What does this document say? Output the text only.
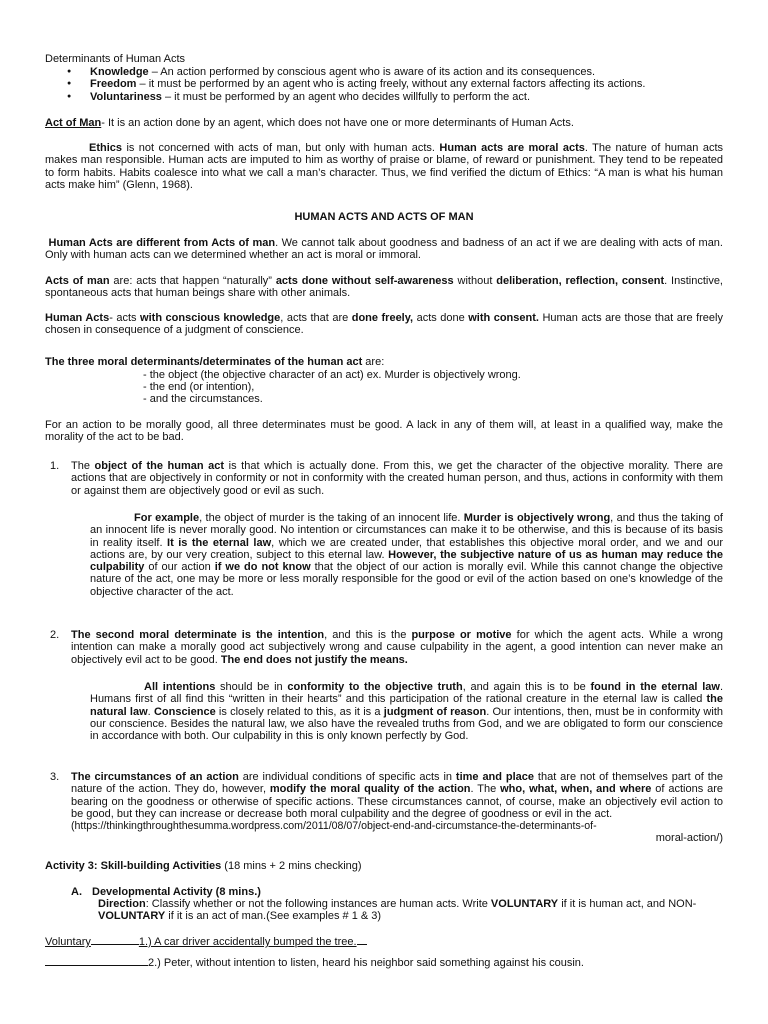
Determinants of Human Acts

● Knowledge – An action performed by conscious agent who is aware of its action and its consequences.
● Freedom – it must be performed by an agent who is acting freely, without any external factors affecting its actions.
● Voluntariness – it must be performed by an agent who decides willfully to perform the act.

Act of Man- It is an action done by an agent, which does not have one or more determinants of Human Acts.

Ethics is not concerned with acts of man, but only with human acts. Human acts are moral acts. The nature of human acts makes man responsible. Human acts are imputed to him as worthy of praise or blame, of reward or punishment. They tend to be repeated to form habits. Habits coalesce into what we call a man’s character. Thus, we find verified the dictum of Ethics: “A man is what his human acts make him” (Glenn, 1968).

HUMAN ACTS AND ACTS OF MAN

Human Acts are different from Acts of man. We cannot talk about goodness and badness of an act if we are dealing with acts of man. Only with human acts can we determined whether an act is moral or immoral.

Acts of man are: acts that happen “naturally” acts done without self-awareness without deliberation, reflection, consent. Instinctive, spontaneous acts that human beings share with other animals.

Human Acts- acts with conscious knowledge, acts that are done freely, acts done with consent. Human acts are those that are freely chosen in consequence of a judgment of conscience.

The three moral determinants/determinates of the human act are:

- the object (the objective character of an act) ex. Murder is objectively wrong.

- the end (or intention),

- and the circumstances.

For an action to be morally good, all three determinates must be good. A lack in any of them will, at least in a qualified way, make the morality of the act to be bad.

1. The object of the human act is that which is actually done. From this, we get the character of the objective morality. There are actions that are objectively in conformity or not in conformity with the created human person, and thus, actions in conformity with them or against them are objectively good or evil as such.

For example, the object of murder is the taking of an innocent life. Murder is objectively wrong, and thus the taking of an innocent life is never morally good. No intention or circumstances can make it to be otherwise, and this is because of its basis in reality itself. It is the eternal law, which we are created under, that establishes this objective moral order, and we and our actions are, by our very creation, subject to this eternal law. However, the subjective nature of us as human may reduce the culpability of our action if we do not know that the object of our action is morally evil. While this cannot change the objective nature of the act, one may be more or less morally responsible for the good or evil of the action based on one’s knowledge of the objective character of the act.

2. The second moral determinate is the intention, and this is the purpose or motive for which the agent acts. While a wrong intention can make a morally good act subjectively wrong and cause culpability in the agent, a good intention can never make an objectively evil act to be good. The end does not justify the means.

All intentions should be in conformity to the objective truth, and again this is to be found in the eternal law. Humans first of all find this “written in their hearts” and this participation of the rational creature in the eternal law is called the natural law. Conscience is closely related to this, as it is a judgment of reason. Our intentions, then, must be in conformity with our conscience. Besides the natural law, we also have the revealed truths from God, and we are obligated to form our conscience in accordance with both. Our culpability in this is only known perfectly by God.

3. The circumstances of an action are individual conditions of specific acts in time and place that are not of themselves part of the nature of the action. They do, however, modify the moral quality of the action. The who, what, when, and where of actions are bearing on the goodness or otherwise of specific actions. These circumstances cannot, of course, make an objectively evil action to be good, but they can increase or decrease both moral culpability and the degree of goodness or evil in the act.

(https://thinkingthroughthesumma.wordpress.com/2011/08/07/object-end-and-circumstance-the-determinants-of-

moral-action/)

Activity 3: Skill-building Activities (18 mins + 2 mins checking)

A. Developmental Activity (8 mins.)

Direction: Classify whether or not the following instances are human acts. Write VOLUNTARY if it is human act, and NON-VOLUNTARY if it is an act of man.(See examples # 1 & 3)

Voluntary	1.) A car driver accidentally bumped the tree.

2.) Peter, without intention to listen, heard his neighbor said something against his cousin.
